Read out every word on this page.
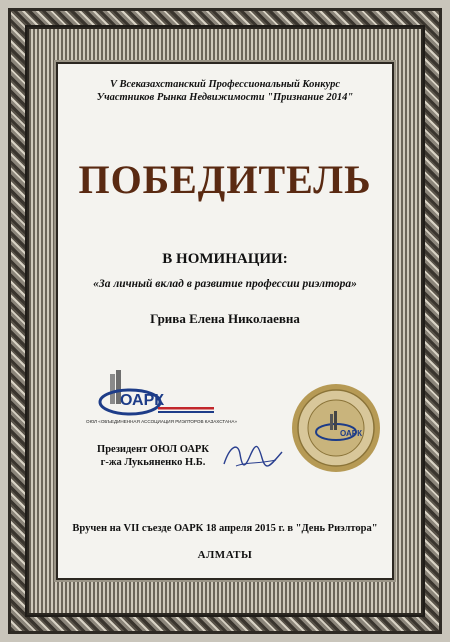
V Всеказахстанский Профессиональный Конкурс
Участников Рынка Недвижимости "Признание 2014"
ПОБЕДИТЕЛЬ
В НОМИНАЦИИ:
«За личный вклад в развитие профессии риэлтора»
Грива Елена Николаевна
ОАРК
ОЮЛ «ОБЪЕДИНЕННАЯ АССОЦИАЦИЯ РИЭЛТОРОВ КАЗАХСТАНА»
Президент ОЮЛ ОАРК
г-жа Лукьяненко Н.Б.
ОАРК
Вручен на VII съезде ОАРК 18 апреля 2015 г. в "День Риэлтора"
АЛМАТЫ
